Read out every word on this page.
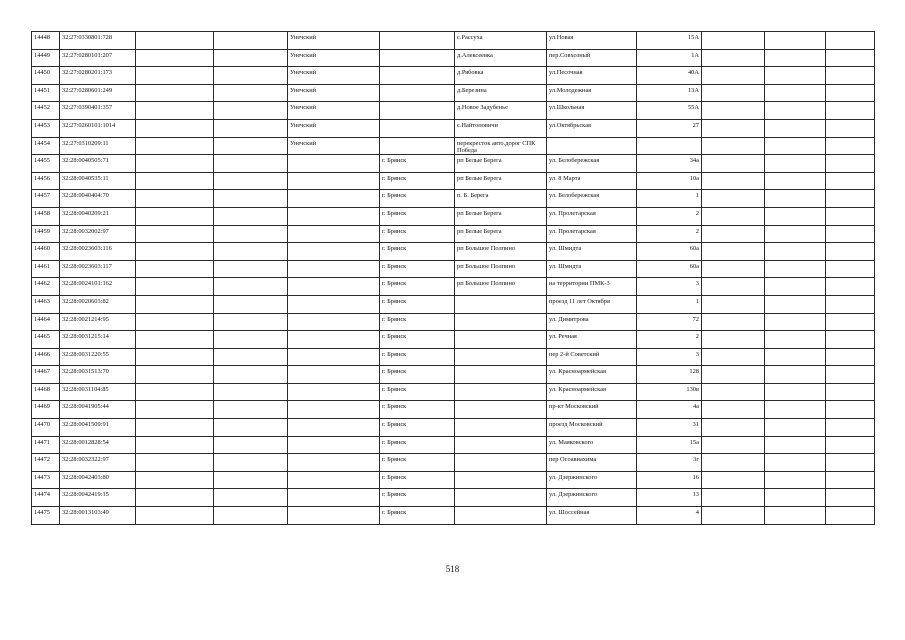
14448	32:27:0330801:728			Унечский		с.Рассуха	ул.Новая	15А			
14449	32:27:0280101:207			Унечский		д.Алексеевка	пер.Совхозный	1А			
14450	32:27:0280201:173			Унечский		д.Рябовка	ул.Песочная	40А			
14451	32:27:0280601:249			Унечский		д.Березина	ул.Молодежная	13А			
14452	32:27:0390401:357			Унечский		д.Новое Задубенье	ул.Школьная	55А			
14453	32:27:0260101:1014			Унечский		с.Найтоповичи	ул.Октябрьская	27			
14454	32:27:0310209:11			Унечский		перекресток авто.дорог СПК Победа					
14455	32:28:0040505:71				г. Брянск	рп Белые Берега	ул. Белобережская	34а			
14456	32:28:0040535:11				г. Брянск	рп Белые Берега	ул. 8 Марта	10а			
14457	32:28:0040404:70				г. Брянск	п. Б. Берега	ул. Белобережская	1			
14458	32:28:0040209:21				г. Брянск	рп Белые Берега	ул. Пролетарская	2			
14459	32:28:0032002:97				г. Брянск	рп Белые Берега	ул. Пролетарская	2			
14460	32:28:0023603:116				г. Брянск	рп Большое Полпино	ул. Шмидта	60а			
14461	32:28:0023603:117				г. Брянск	рп Большое Полпино	ул. Шмидта	60а			
14462	32:28:0024101:162				г. Брянск	рп Большое Полпино	на территории ПМК-3	3			
14463	32:28:0020603:82				г. Брянск		проезд 11 лет Октября	1			
14464	32:28:0021214:95				г. Брянск		ул. Димитрова	72			
14465	32:28:0031215:14				г. Брянск		ул. Речная	2			
14466	32:28:0031220:55				г. Брянск		пер 2-й Советский	3			
14467	32:28:0031513:70				г. Брянск		ул. Красноармейская	128			
14468	32:28:0031104:85				г. Брянск		ул. Красноармейская	130в			
14469	32:28:0041905:44				г. Брянск		пр-кт Московский	4а			
14470	32:28:0041509:91				г. Брянск		проезд Московский	31			
14471	32:28:0012828:54				г. Брянск		ул. Маяковского	15а			
14472	32:28:0032322:97				г. Брянск		пер Осоавиахима	3г			
14473	32:28:0042403:80				г. Брянск		ул. Дзержинского	16			
14474	32:28:0042419:15				г. Брянск		ул. Дзержинского	13			
14475	32:28:0013103:49				г. Брянск		ул. Шоссейная	4			
518
